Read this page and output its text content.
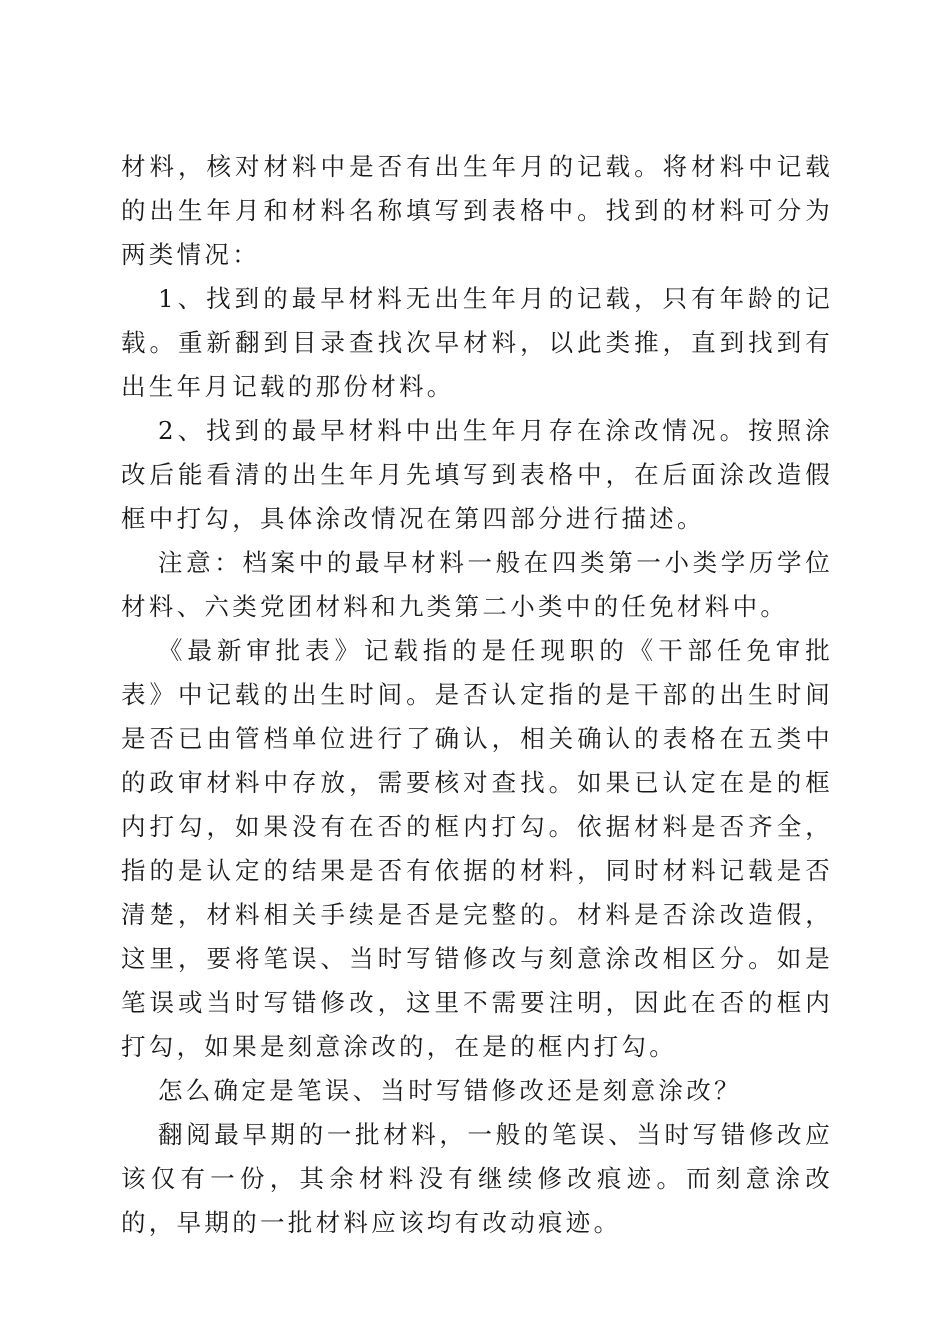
材料，核对材料中是否有出生年月的记载。将材料中记载的出生年月和材料名称填写到表格中。找到的材料可分为两类情况：

1、找到的最早材料无出生年月的记载，只有年龄的记载。重新翻到目录查找次早材料，以此类推，直到找到有出生年月记载的那份材料。

2、找到的最早材料中出生年月存在涂改情况。按照涂改后能看清的出生年月先填写到表格中，在后面涂改造假框中打勾，具体涂改情况在第四部分进行描述。

注意：档案中的最早材料一般在四类第一小类学历学位材料、六类党团材料和九类第二小类中的任免材料中。

《最新审批表》记载指的是任现职的《干部任免审批表》中记载的出生时间。是否认定指的是干部的出生时间是否已由管档单位进行了确认，相关确认的表格在五类中的政审材料中存放，需要核对查找。如果已认定在是的框内打勾，如果没有在否的框内打勾。依据材料是否齐全，指的是认定的结果是否有依据的材料，同时材料记载是否清楚，材料相关手续是否是完整的。材料是否涂改造假，这里，要将笔误、当时写错修改与刻意涂改相区分。如是笔误或当时写错修改，这里不需要注明，因此在否的框内打勾，如果是刻意涂改的，在是的框内打勾。

怎么确定是笔误、当时写错修改还是刻意涂改？

翻阅最早期的一批材料，一般的笔误、当时写错修改应该仅有一份，其余材料没有继续修改痕迹。而刻意涂改的，早期的一批材料应该均有改动痕迹。
